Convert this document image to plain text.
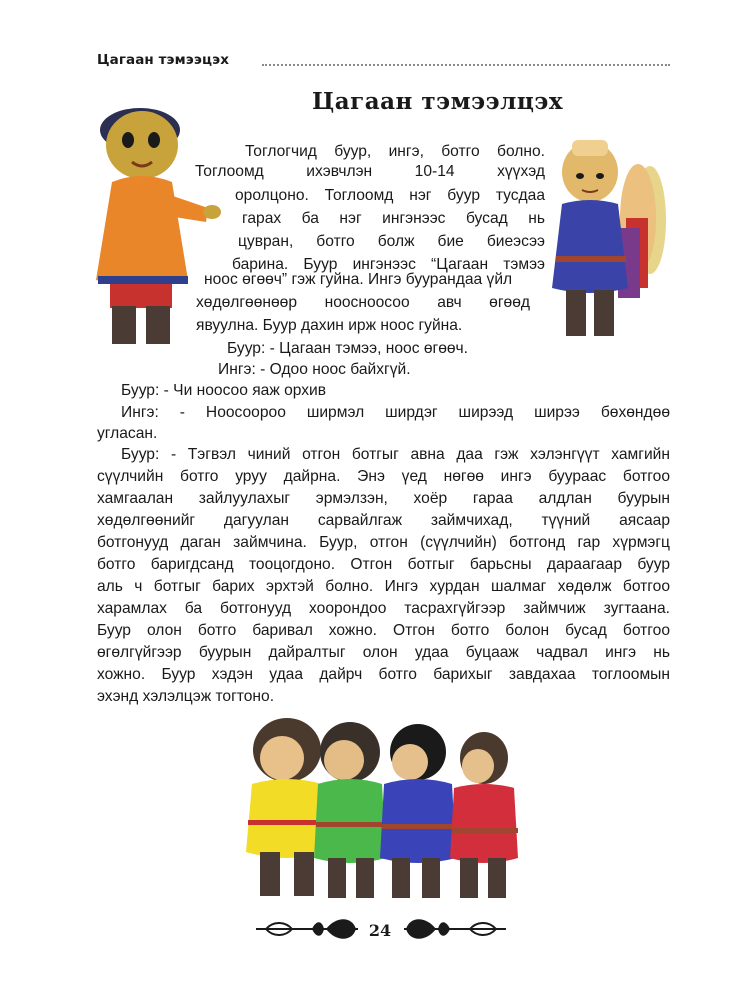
Цагаан тэмээцэх
Цагаан тэмээлцэх
Тоглогчид буур, ингэ, ботго болно.
Тоглоомд ихэвчлэн 10-14 хүүхэд
оролцоно. Тоглоомд нэг буур тусдаа
гарах ба нэг ингэнээс бусад нь
цувран, ботго болж бие биеэсээ
барина. Буур ингэнээс “Цагаан тэмээ
ноос өгөөч” гэж гуйна. Ингэ буурандаа үйл
хөдөлгөөнөөр ноосноосоо авч өгөөд
явуулна. Буур дахин ирж ноос гуйна.
Буур: - Цагаан тэмээ, ноос өгөөч.
Ингэ: - Одоо ноос байхгүй.
Буур: - Чи ноосоо яаж орхив
Ингэ: - Ноосоороо ширмэл ширдэг ширээд ширээ бөхөндөө
угласан.
Буур: - Тэгвэл чиний отгон ботгыг авна даа гэж хэлэнгүүт хамгийн
сүүлчийн ботго уруу дайрна. Энэ үед нөгөө ингэ буурaас ботгоо
хамгаалан зайлуулахыг эрмэлзэн, хоёр гараа алдлан буурын
хөдөлгөөнийг дагуулан сарвайлгаж займчихад, түүний аясаар
ботгонууд даган займчина. Буур, отгон (сүүлчийн) ботгонд гар хүрмэгц
ботго баригдсанд тооцогдоно. Отгон ботгыг барьсны дараагаар буур
аль ч ботгыг барих эрхтэй болно. Ингэ хурдан шалмаг хөдөлж ботгоо
харамлах ба ботгонууд хоорондоо тасрахгүйгээр займчиж зугтаана.
Буур олон ботго баривал хожно. Отгон ботго болон бусад ботгоо
өгөлгүйгээр буурын дайралтыг олон удаа буцааж чадвал ингэ нь
хожно. Буур хэдэн удаа дайрч ботго барихыг завдахаа тоглоомын
эхэнд хэлэлцэж тогтоно.
24
